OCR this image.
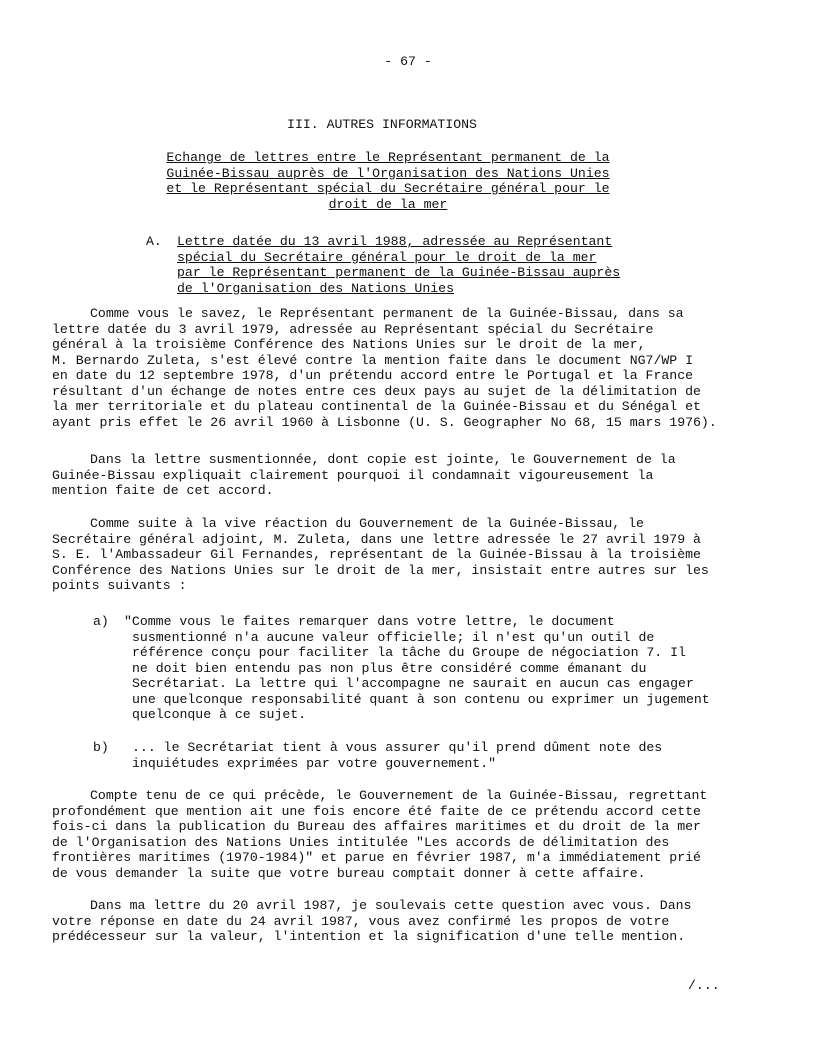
- 67 -
III. AUTRES INFORMATIONS
Echange de lettres entre le Représentant permanent de la
Guinée-Bissau auprès de l'Organisation des Nations Unies
et le Représentant spécial du Secrétaire général pour le
droit de la mer
A. Lettre datée du 13 avril 1988, adressée au Représentant
spécial du Secrétaire général pour le droit de la mer
par le Représentant permanent de la Guinée-Bissau auprès
de l'Organisation des Nations Unies
Comme vous le savez, le Représentant permanent de la Guinée-Bissau, dans sa
lettre datée du 3 avril 1979, adressée au Représentant spécial du Secrétaire
général à la troisième Conférence des Nations Unies sur le droit de la mer,
M. Bernardo Zuleta, s'est élevé contre la mention faite dans le document NG7/WP I
en date du 12 septembre 1978, d'un prétendu accord entre le Portugal et la France
résultant d'un échange de notes entre ces deux pays au sujet de la délimitation de
la mer territoriale et du plateau continental de la Guinée-Bissau et du Sénégal et
ayant pris effet le 26 avril 1960 à Lisbonne (U. S. Geographer No 68, 15 mars 1976).
Dans la lettre susmentionnée, dont copie est jointe, le Gouvernement de la
Guinée-Bissau expliquait clairement pourquoi il condamnait vigoureusement la
mention faite de cet accord.
Comme suite à la vive réaction du Gouvernement de la Guinée-Bissau, le
Secrétaire général adjoint, M. Zuleta, dans une lettre adressée le 27 avril 1979 à
S. E. l'Ambassadeur Gil Fernandes, représentant de la Guinée-Bissau à la troisième
Conférence des Nations Unies sur le droit de la mer, insistait entre autres sur les
points suivants :
a) "Comme vous le faites remarquer dans votre lettre, le document
susmentionné n'a aucune valeur officielle; il n'est qu'un outil de
référence conçu pour faciliter la tâche du Groupe de négociation 7. Il
ne doit bien entendu pas non plus être considéré comme émanant du
Secrétariat. La lettre qui l'accompagne ne saurait en aucun cas engager
une quelconque responsabilité quant à son contenu ou exprimer un jugement
quelconque à ce sujet.
b)	... le Secrétariat tient à vous assurer qu'il prend dûment note des
inquiétudes exprimées par votre gouvernement."
Compte tenu de ce qui précède, le Gouvernement de la Guinée-Bissau, regrettant
profondément que mention ait une fois encore été faite de ce prétendu accord cette
fois-ci dans la publication du Bureau des affaires maritimes et du droit de la mer
de l'Organisation des Nations Unies intitulée "Les accords de délimitation des
frontières maritimes (1970-1984)" et parue en février 1987, m'a immédiatement prié
de vous demander la suite que votre bureau comptait donner à cette affaire.
Dans ma lettre du 20 avril 1987, je soulevais cette question avec vous. Dans
votre réponse en date du 24 avril 1987, vous avez confirmé les propos de votre
prédécesseur sur la valeur, l'intention et la signification d'une telle mention.
/...
